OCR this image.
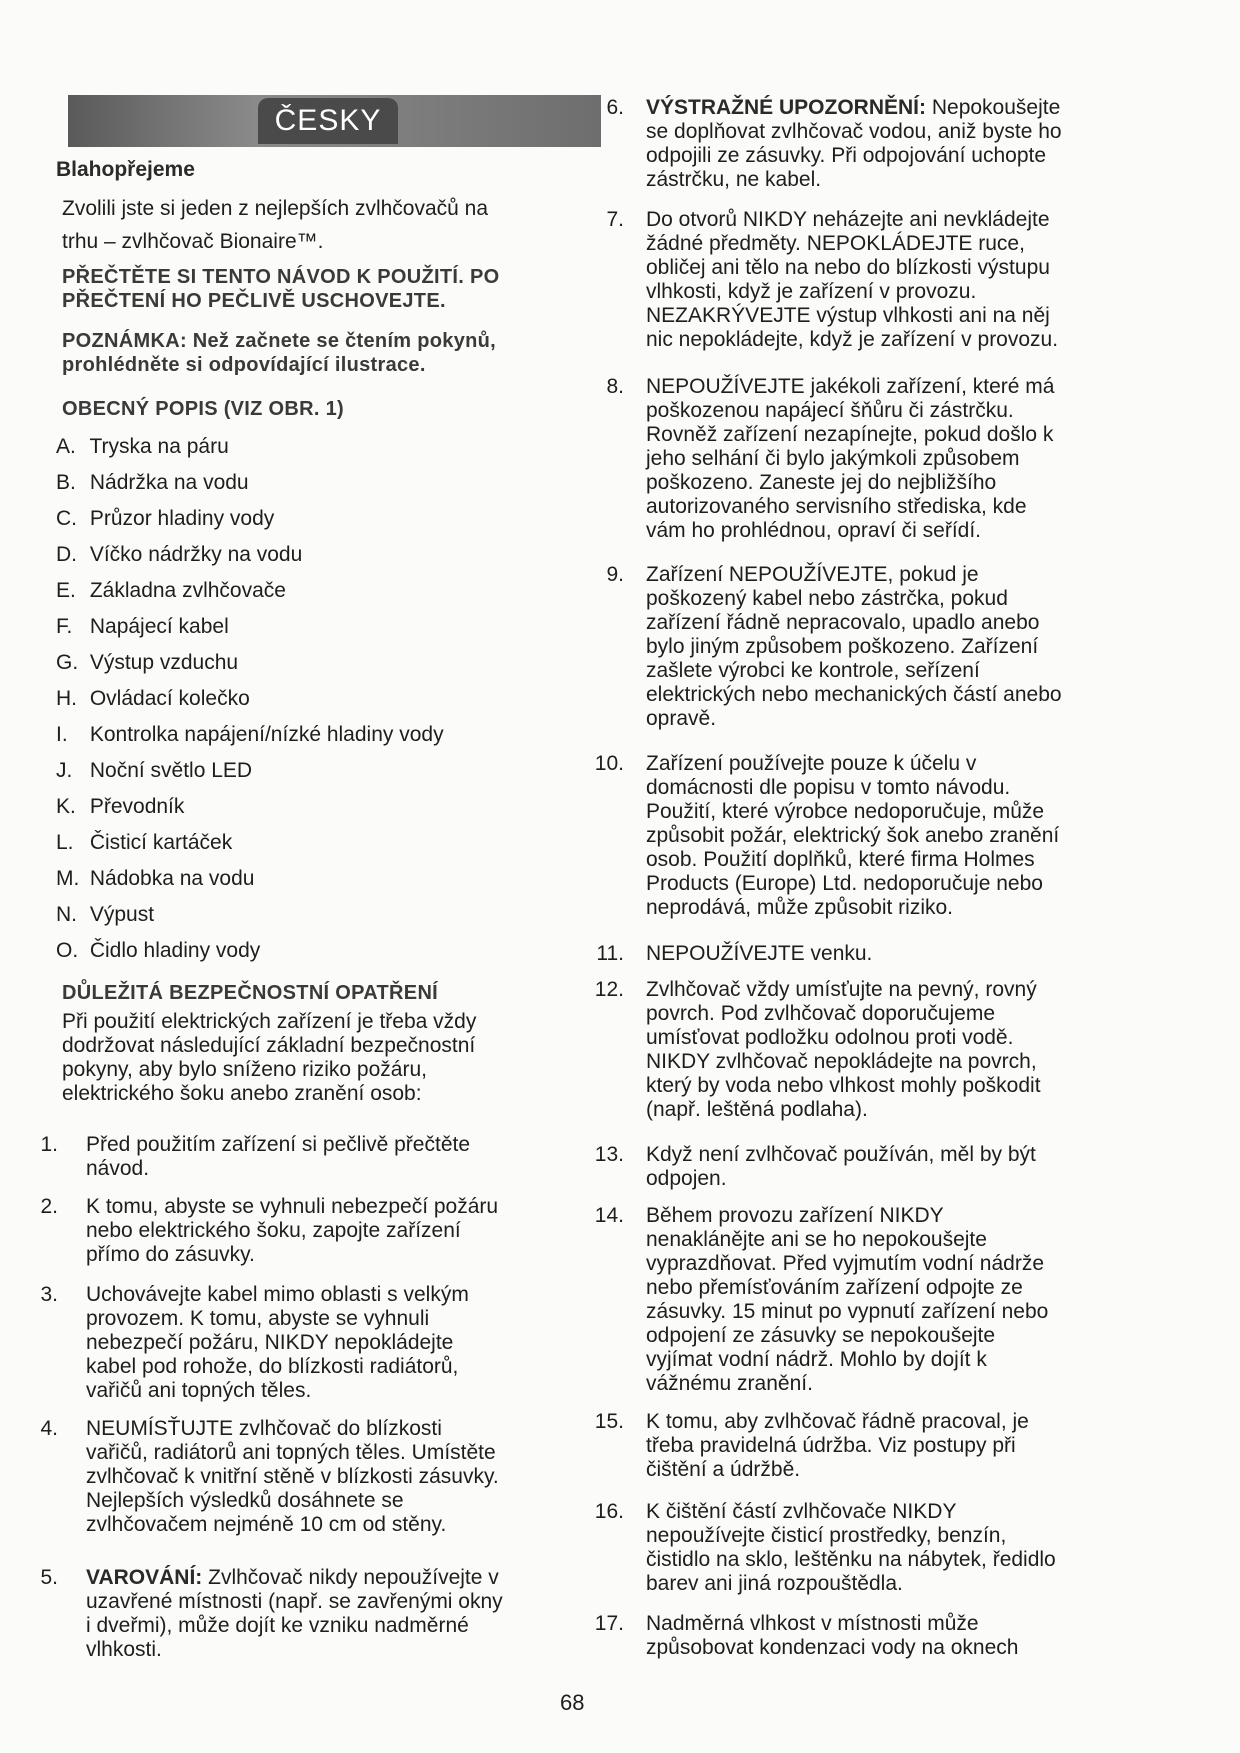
ČESKY
Blahopřejeme
Zvolili jste si jeden z nejlepších zvlhčovačů na
trhu – zvlhčovač Bionaire™.
PŘEČTĚTE SI TENTO NÁVOD K POUŽITÍ. PO
PŘEČTENÍ HO PEČLIVĚ USCHOVEJTE.
POZNÁMKA: Než začnete se čtením pokynů,
prohlédněte si odpovídající ilustrace.
OBECNÝ POPIS (VIZ OBR. 1)
A. Tryska na páru
B. Nádržka na vodu
C. Průzor hladiny vody
D. Víčko nádržky na vodu
E. Základna zvlhčovače
F. Napájecí kabel
G. Výstup vzduchu
H. Ovládací kolečko
I. Kontrolka napájení/nízké hladiny vody
J. Noční světlo LED
K. Převodník
L. Čisticí kartáček
M. Nádobka na vodu
N. Výpust
O. Čidlo hladiny vody
DŮLEŽITÁ BEZPEČNOSTNÍ OPATŘENÍ
Při použití elektrických zařízení je třeba vždy
dodržovat následující základní bezpečnostní
pokyny, aby bylo sníženo riziko požáru,
elektrického šoku anebo zranění osob:
1. Před použitím zařízení si pečlivě přečtěte
návod.
2. K tomu, abyste se vyhnuli nebezpečí požáru
nebo elektrického šoku, zapojte zařízení
přímo do zásuvky.
3. Uchovávejte kabel mimo oblasti s velkým
provozem. K tomu, abyste se vyhnuli
nebezpečí požáru, NIKDY nepokládejte
kabel pod rohože, do blízkosti radiátorů,
vařičů ani topných těles.
4. NEUMÍSŤUJTE zvlhčovač do blízkosti
vařičů, radiátorů ani topných těles. Umístěte
zvlhčovač k vnitřní stěně v blízkosti zásuvky.
Nejlepších výsledků dosáhnete se
zvlhčovačem nejméně 10 cm od stěny.
5. VAROVÁNÍ: Zvlhčovač nikdy nepoužívejte v
uzavřené místnosti (např. se zavřenými okny
i dveřmi), může dojít ke vzniku nadměrné
vlhkosti.
6. VÝSTRAŽNÉ UPOZORNĚNÍ: Nepokoušejte
se doplňovat zvlhčovač vodou, aniž byste ho
odpojili ze zásuvky. Při odpojování uchopte
zástrčku, ne kabel.
7. Do otvorů NIKDY neházejte ani nevkládejte
žádné předměty. NEPOKLÁDEJTE ruce,
obličej ani tělo na nebo do blízkosti výstupu
vlhkosti, když je zařízení v provozu.
NEZAKRÝVEJTE výstup vlhkosti ani na něj
nic nepokládejte, když je zařízení v provozu.
8. NEPOUŽÍVEJTE jakékoli zařízení, které má
poškozenou napájecí šňůru či zástrčku.
Rovněž zařízení nezapínejte, pokud došlo k
jeho selhání či bylo jakýmkoli způsobem
poškozeno. Zaneste jej do nejbližšího
autorizovaného servisního střediska, kde
vám ho prohlédnou, opraví či seřídí.
9. Zařízení NEPOUŽÍVEJTE, pokud je
poškozený kabel nebo zástrčka, pokud
zařízení řádně nepracovalo, upadlo anebo
bylo jiným způsobem poškozeno. Zařízení
zašlete výrobci ke kontrole, seřízení
elektrických nebo mechanických částí anebo
opravě.
10. Zařízení používejte pouze k účelu v
domácnosti dle popisu v tomto návodu.
Použití, které výrobce nedoporučuje, může
způsobit požár, elektrický šok anebo zranění
osob. Použití doplňků, které firma Holmes
Products (Europe) Ltd. nedoporučuje nebo
neprodává, může způsobit riziko.
11. NEPOUŽÍVEJTE venku.
12. Zvlhčovač vždy umísťujte na pevný, rovný
povrch. Pod zvlhčovač doporučujeme
umísťovat podložku odolnou proti vodě.
NIKDY zvlhčovač nepokládejte na povrch,
který by voda nebo vlhkost mohly poškodit
(např. leštěná podlaha).
13. Když není zvlhčovač používán, měl by být
odpojen.
14. Během provozu zařízení NIKDY
nenaklánějte ani se ho nepokoušejte
vyprazdňovat. Před vyjmutím vodní nádrže
nebo přemísťováním zařízení odpojte ze
zásuvky. 15 minut po vypnutí zařízení nebo
odpojení ze zásuvky se nepokoušejte
vyjímat vodní nádrž. Mohlo by dojít k
vážnému zranění.
15. K tomu, aby zvlhčovač řádně pracoval, je
třeba pravidelná údržba. Viz postupy při
čištění a údržbě.
16. K čištění částí zvlhčovače NIKDY
nepoužívejte čisticí prostředky, benzín,
čistidlo na sklo, leštěnku na nábytek, ředidlo
barev ani jiná rozpouštědla.
17. Nadměrná vlhkost v místnosti může
způsobovat kondenzaci vody na oknech
68
